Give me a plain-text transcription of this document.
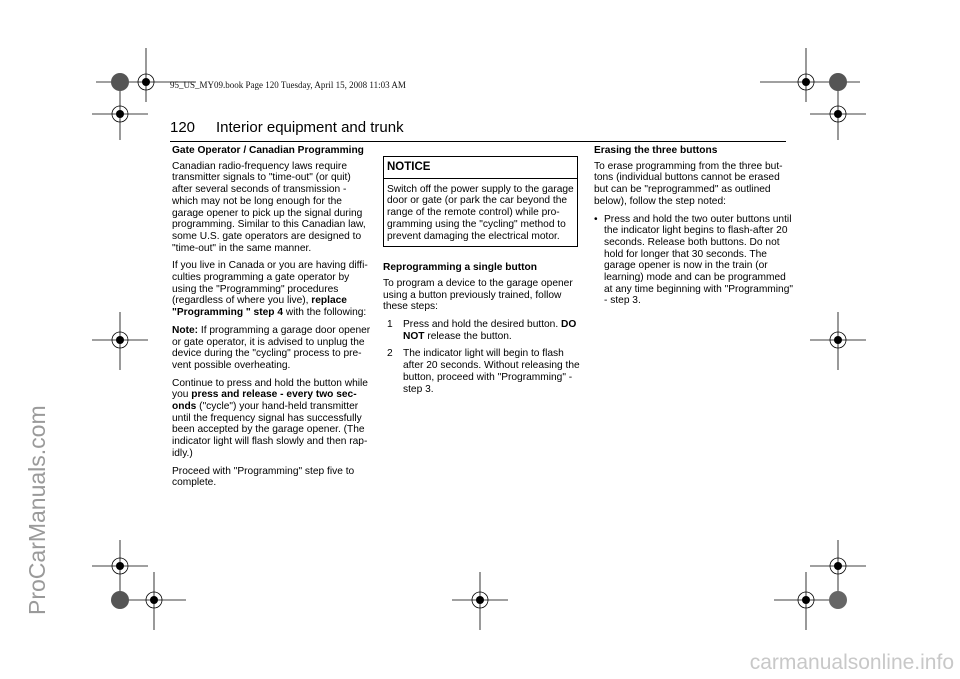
ProCarManuals.com
95_US_MY09.book Page 120 Tuesday, April 15, 2008 11:03 AM
120 Interior equipment and trunk
Gate Operator / Canadian Programming

Canadian radio-frequency laws require transmitter signals to "time-out" (or quit) after several seconds of transmission - which may not be long enough for the garage opener to pick up the signal during programming. Similar to this Canadian law, some U.S. gate operators are designed to "time-out" in the same manner.

If you live in Canada or you are having diffi-culties programming a gate operator by using the "Programming" procedures (regardless of where you live), replace "Programming " step 4 with the following:

Note: If programming a garage door opener or gate operator, it is advised to unplug the device during the "cycling" process to pre-vent possible overheating.

Continue to press and hold the button while you press and release - every two sec-onds ("cycle") your hand-held transmitter until the frequency signal has successfully been accepted by the garage opener. (The indicator light will flash slowly and then rap-idly.)

Proceed with "Programming" step five to complete.

NOTICE
Switch off the power supply to the garage door or gate (or park the car beyond the range of the remote control) while pro-gramming using the "cycling" method to prevent damaging the electrical motor.
Reprogramming a single button

To program a device to the garage opener using a button previously trained, follow these steps:

1	Press and hold the desired button. DO NOT release the button.
2	The indicator light will begin to flash after 20 seconds. Without releasing the button, proceed with "Programming" - step 3.
Erasing the three buttons

To erase programming from the three but-tons (individual buttons cannot be erased but can be "reprogrammed" as outlined below), follow the step noted:

• Press and hold the two outer buttons until the indicator light begins to flash-after 20 seconds. Release both buttons. Do not hold for longer that 30 seconds. The garage opener is now in the train (or learning) mode and can be programmed at any time beginning with "Programming" - step 3.
carmanualsonline.info
